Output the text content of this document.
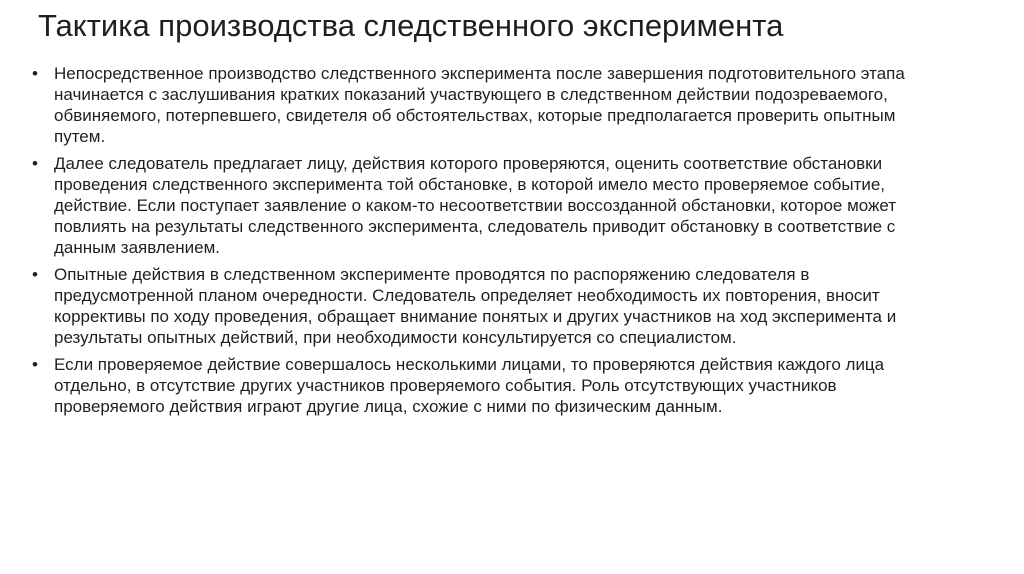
Тактика производства следственного эксперимента
• Непосредственное производство следственного эксперимента после завершения подготовительного этапа начинается с заслушивания кратких показаний участвующего в следственном действии подозреваемого, обвиняемого, потерпевшего, свидетеля об обстоятельствах, которые предполагается проверить опытным путем.
• Далее следователь предлагает лицу, действия которого проверяются, оценить соответствие обстановки проведения следственного эксперимента той обстановке, в которой имело место проверяемое событие, действие. Если поступает заявление о каком-то несоответствии воссозданной обстановки, которое может повлиять на результаты следственного эксперимента, следователь приводит обстановку в соответствие с данным заявлением.
• Опытные действия в следственном эксперименте проводятся по распоряжению следователя в предусмотренной планом очередности. Следователь определяет необходимость их повторения, вносит коррективы по ходу проведения, обращает внимание понятых и других участников на ход эксперимента и результаты опытных действий, при необходимости консультируется со специалистом.
• Если проверяемое действие совершалось несколькими лицами, то проверяются действия каждого лица отдельно, в отсутствие других участников проверяемого события. Роль отсутствующих участников проверяемого действия играют другие лица, схожие с ними по физическим данным.
